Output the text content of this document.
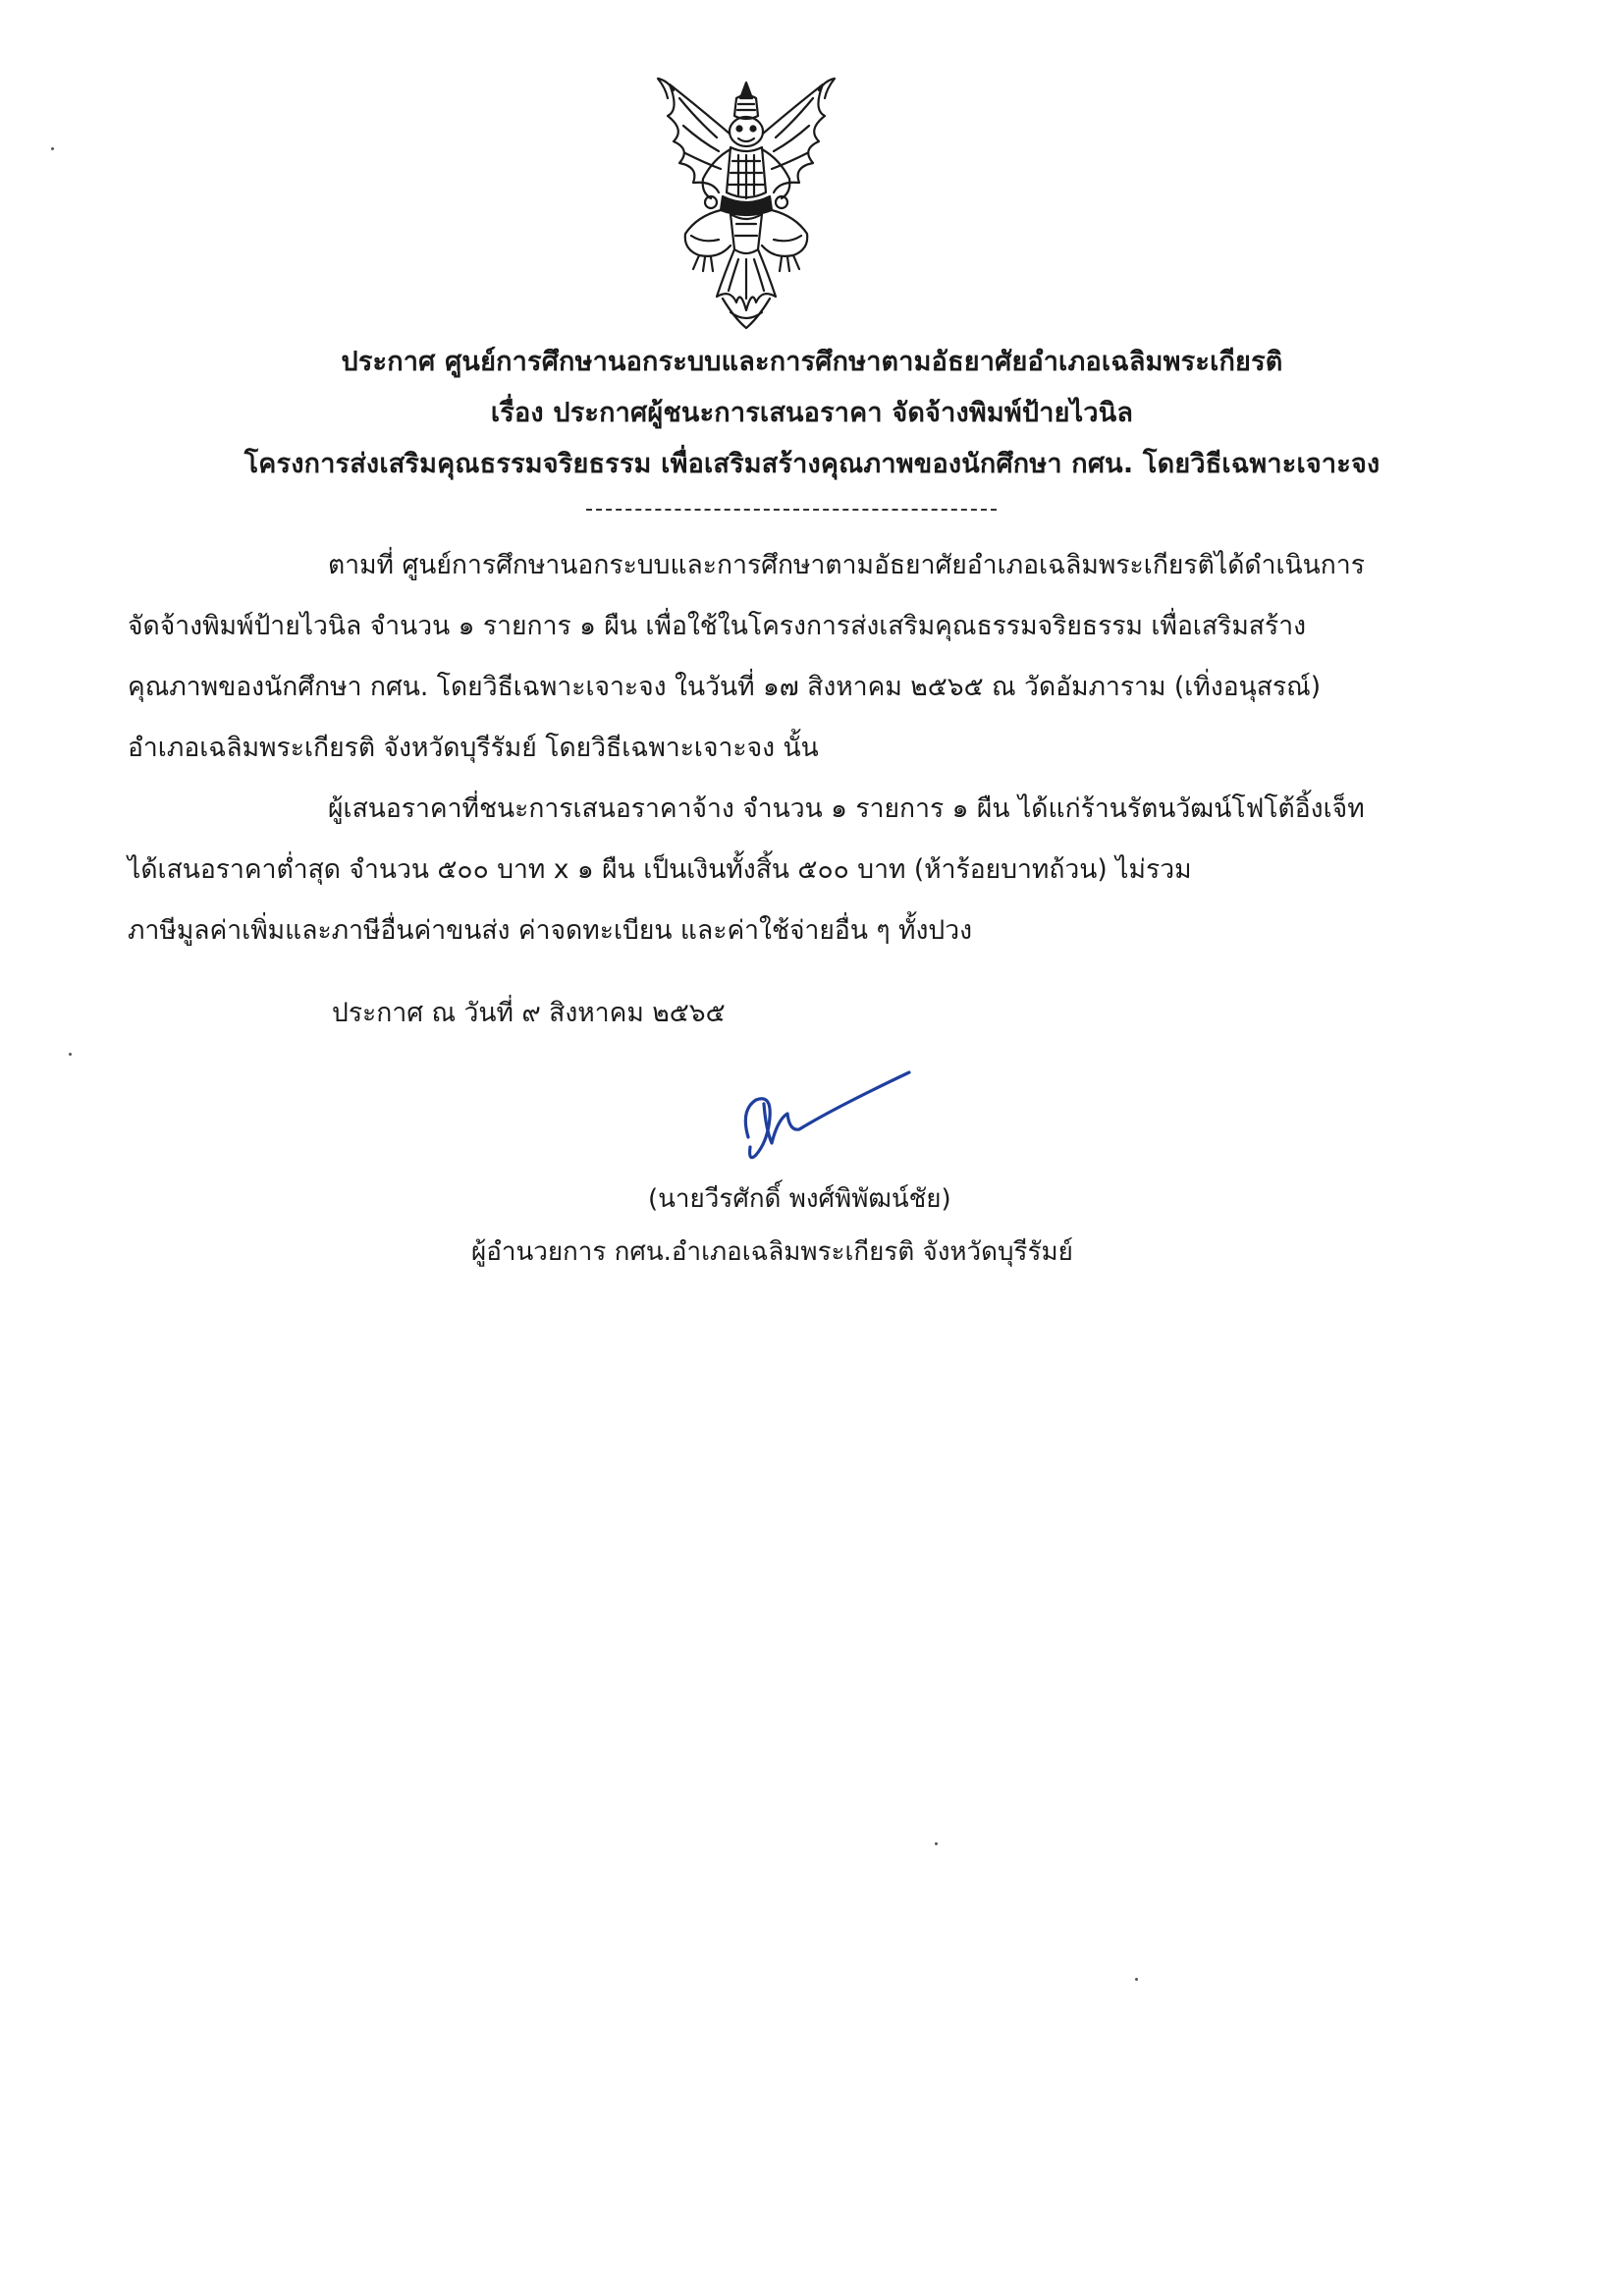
ประกาศ ศูนย์การศึกษานอกระบบและการศึกษาตามอัธยาศัยอำเภอเฉลิมพระเกียรติ
เรื่อง ประกาศผู้ชนะการเสนอราคา จัดจ้างพิมพ์ป้ายไวนิล
โครงการส่งเสริมคุณธรรมจริยธรรม เพื่อเสริมสร้างคุณภาพของนักศึกษา กศน. โดยวิธีเฉพาะเจาะจง
ตามที่ ศูนย์การศึกษานอกระบบและการศึกษาตามอัธยาศัยอำเภอเฉลิมพระเกียรติได้ดำเนินการ
จัดจ้างพิมพ์ป้ายไวนิล จำนวน ๑ รายการ ๑ ผืน เพื่อใช้ในโครงการส่งเสริมคุณธรรมจริยธรรม เพื่อเสริมสร้าง
คุณภาพของนักศึกษา กศน. โดยวิธีเฉพาะเจาะจง ในวันที่ ๑๗ สิงหาคม ๒๕๖๕ ณ วัดอัมภาราม (เทิ่งอนุสรณ์)
อำเภอเฉลิมพระเกียรติ จังหวัดบุรีรัมย์ โดยวิธีเฉพาะเจาะจง นั้น
ผู้เสนอราคาที่ชนะการเสนอราคาจ้าง จำนวน ๑ รายการ ๑ ผืน ได้แก่ร้านรัตนวัฒน์โฟโต้อิ้งเจ็ท
ได้เสนอราคาต่ำสุด จำนวน ๕๐๐ บาท x ๑ ผืน เป็นเงินทั้งสิ้น ๕๐๐ บาท (ห้าร้อยบาทถ้วน) ไม่รวม
ภาษีมูลค่าเพิ่มและภาษีอื่นค่าขนส่ง ค่าจดทะเบียน และค่าใช้จ่ายอื่น ๆ ทั้งปวง
ประกาศ ณ วันที่ ๙ สิงหาคม ๒๕๖๕
(นายวีรศักดิ์ พงศ์พิพัฒน์ชัย)
ผู้อำนวยการ กศน.อำเภอเฉลิมพระเกียรติ จังหวัดบุรีรัมย์
